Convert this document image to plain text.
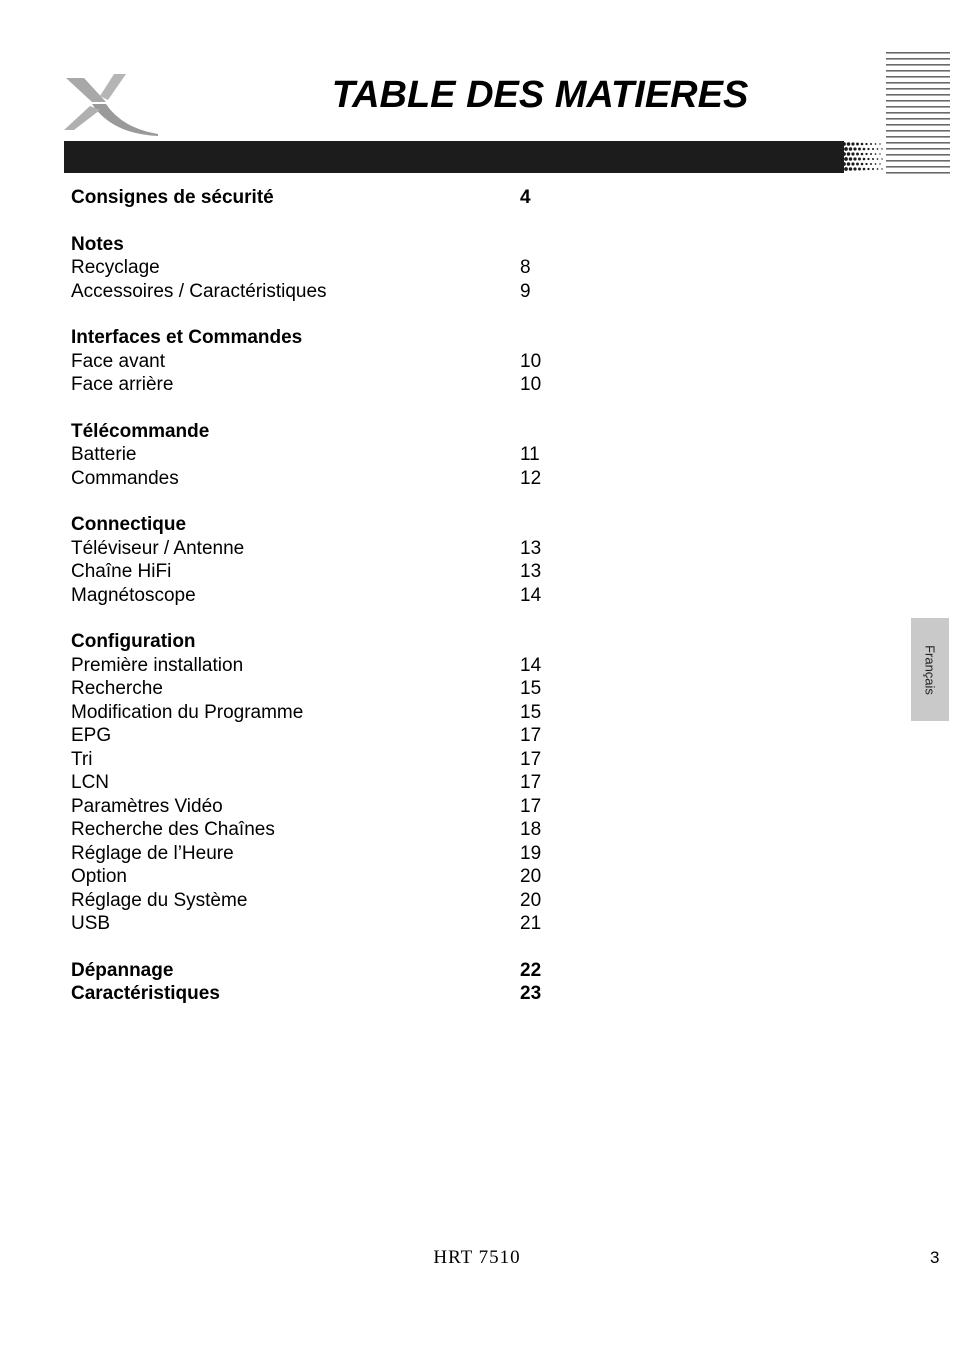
TABLE DES MATIERES
Consignes de sécurité	4
Notes
Recyclage	8
Accessoires / Caractéristiques	9
Interfaces et Commandes
Face avant	10
Face arrière	10
Télécommande
Batterie	11
Commandes	12
Connectique
Téléviseur / Antenne	13
Chaîne HiFi	13
Magnétoscope	14
Configuration
Première installation	14
Recherche	15
Modification du Programme	15
EPG	17
Tri	17
LCN	17
Paramètres Vidéo	17
Recherche des Chaînes	18
Réglage de l’Heure	19
Option	20
Réglage du Système	20
USB	21
Dépannage	22
Caractéristiques	23
Français
HRT 7510	3
